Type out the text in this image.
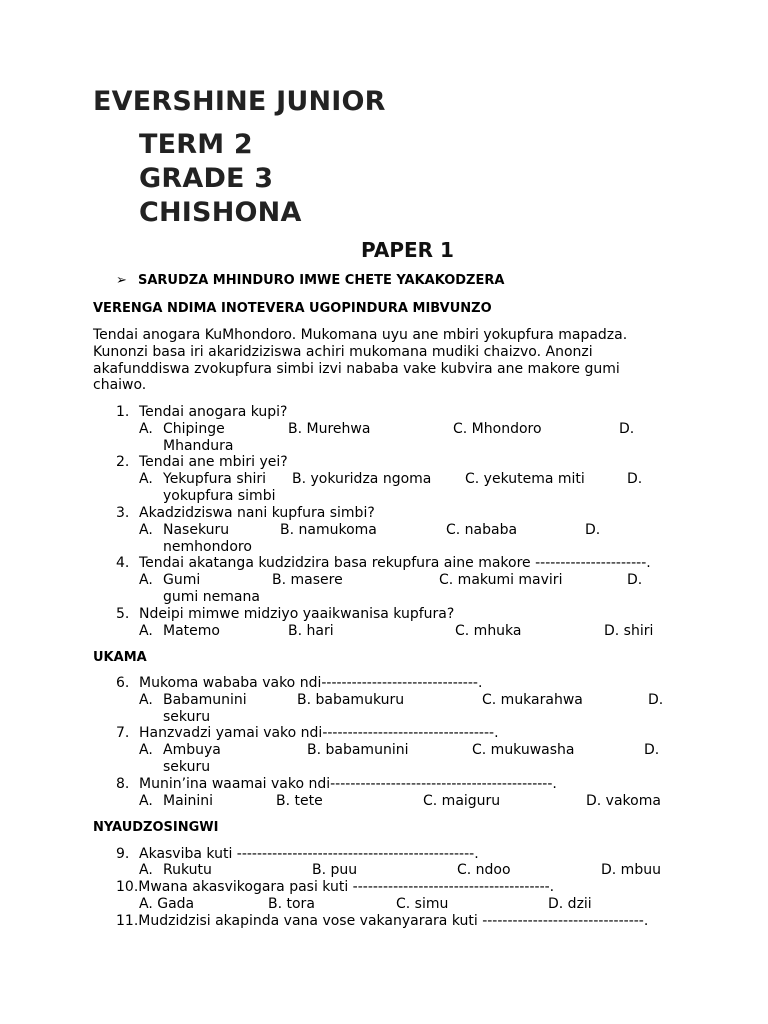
EVERSHINE JUNIOR
TERM 2
GRADE 3
CHISHONA
PAPER 1
➢ SARUDZA MHINDURO IMWE CHETE YAKAKODZERA
VERENGA NDIMA INOTEVERA UGOPINDURA MIBVUNZO
Tendai anogara KuMhondoro. Mukomana uyu ane mbiri yokupfura mapadza.
Kunonzi basa iri akaridziziswa achiri mukomana mudiki chaizvo. Anonzi
akafunddiswa zvokupfura simbi izvi nababa vake kubvira ane makore gumi
chaiwo.
1. Tendai anogara kupi?
A. Chipinge	B. Murehwa	C. Mhondoro	D.
Mhandura
2. Tendai ane mbiri yei?
A. Yekupfura shiri B. yokuridza ngoma C. yekutema miti	D.
yokupfura simbi
3. Akadzidziswa nani kupfura simbi?
A. Nasekuru	B. namukoma	C. nababa	D.
nemhondoro
4. Tendai akatanga kudzidzira basa rekupfura aine makore ----------------------.
A. Gumi	B. masere	C. makumi maviri	D.
gumi nemana
5. Ndeipi mimwe midziyo yaaikwanisa kupfura?
A. Matemo	B. hari	C. mhuka	D. shiri
UKAMA
6. Mukoma wababa vako ndi-------------------------------.
A. Babamunini	B. babamukuru	C. mukarahwa	D.
sekuru
7. Hanzvadzi yamai vako ndi----------------------------------.
A. Ambuya	B. babamunini	C. mukuwasha	D.
sekuru
8. Munin’ina waamai vako ndi--------------------------------------------.
A. Mainini	B. tete	C. maiguru	D. vakoma
NYAUDZOSINGWI
9. Akasviba kuti -----------------------------------------------.
A. Rukutu	B. puu	C. ndoo	D. mbuu
10.Mwana akasvikogara pasi kuti ---------------------------------------.
A. Gada	B. tora	C. simu	D. dzii
11.Mudzidzisi akapinda vana vose vakanyarara kuti --------------------------------.
